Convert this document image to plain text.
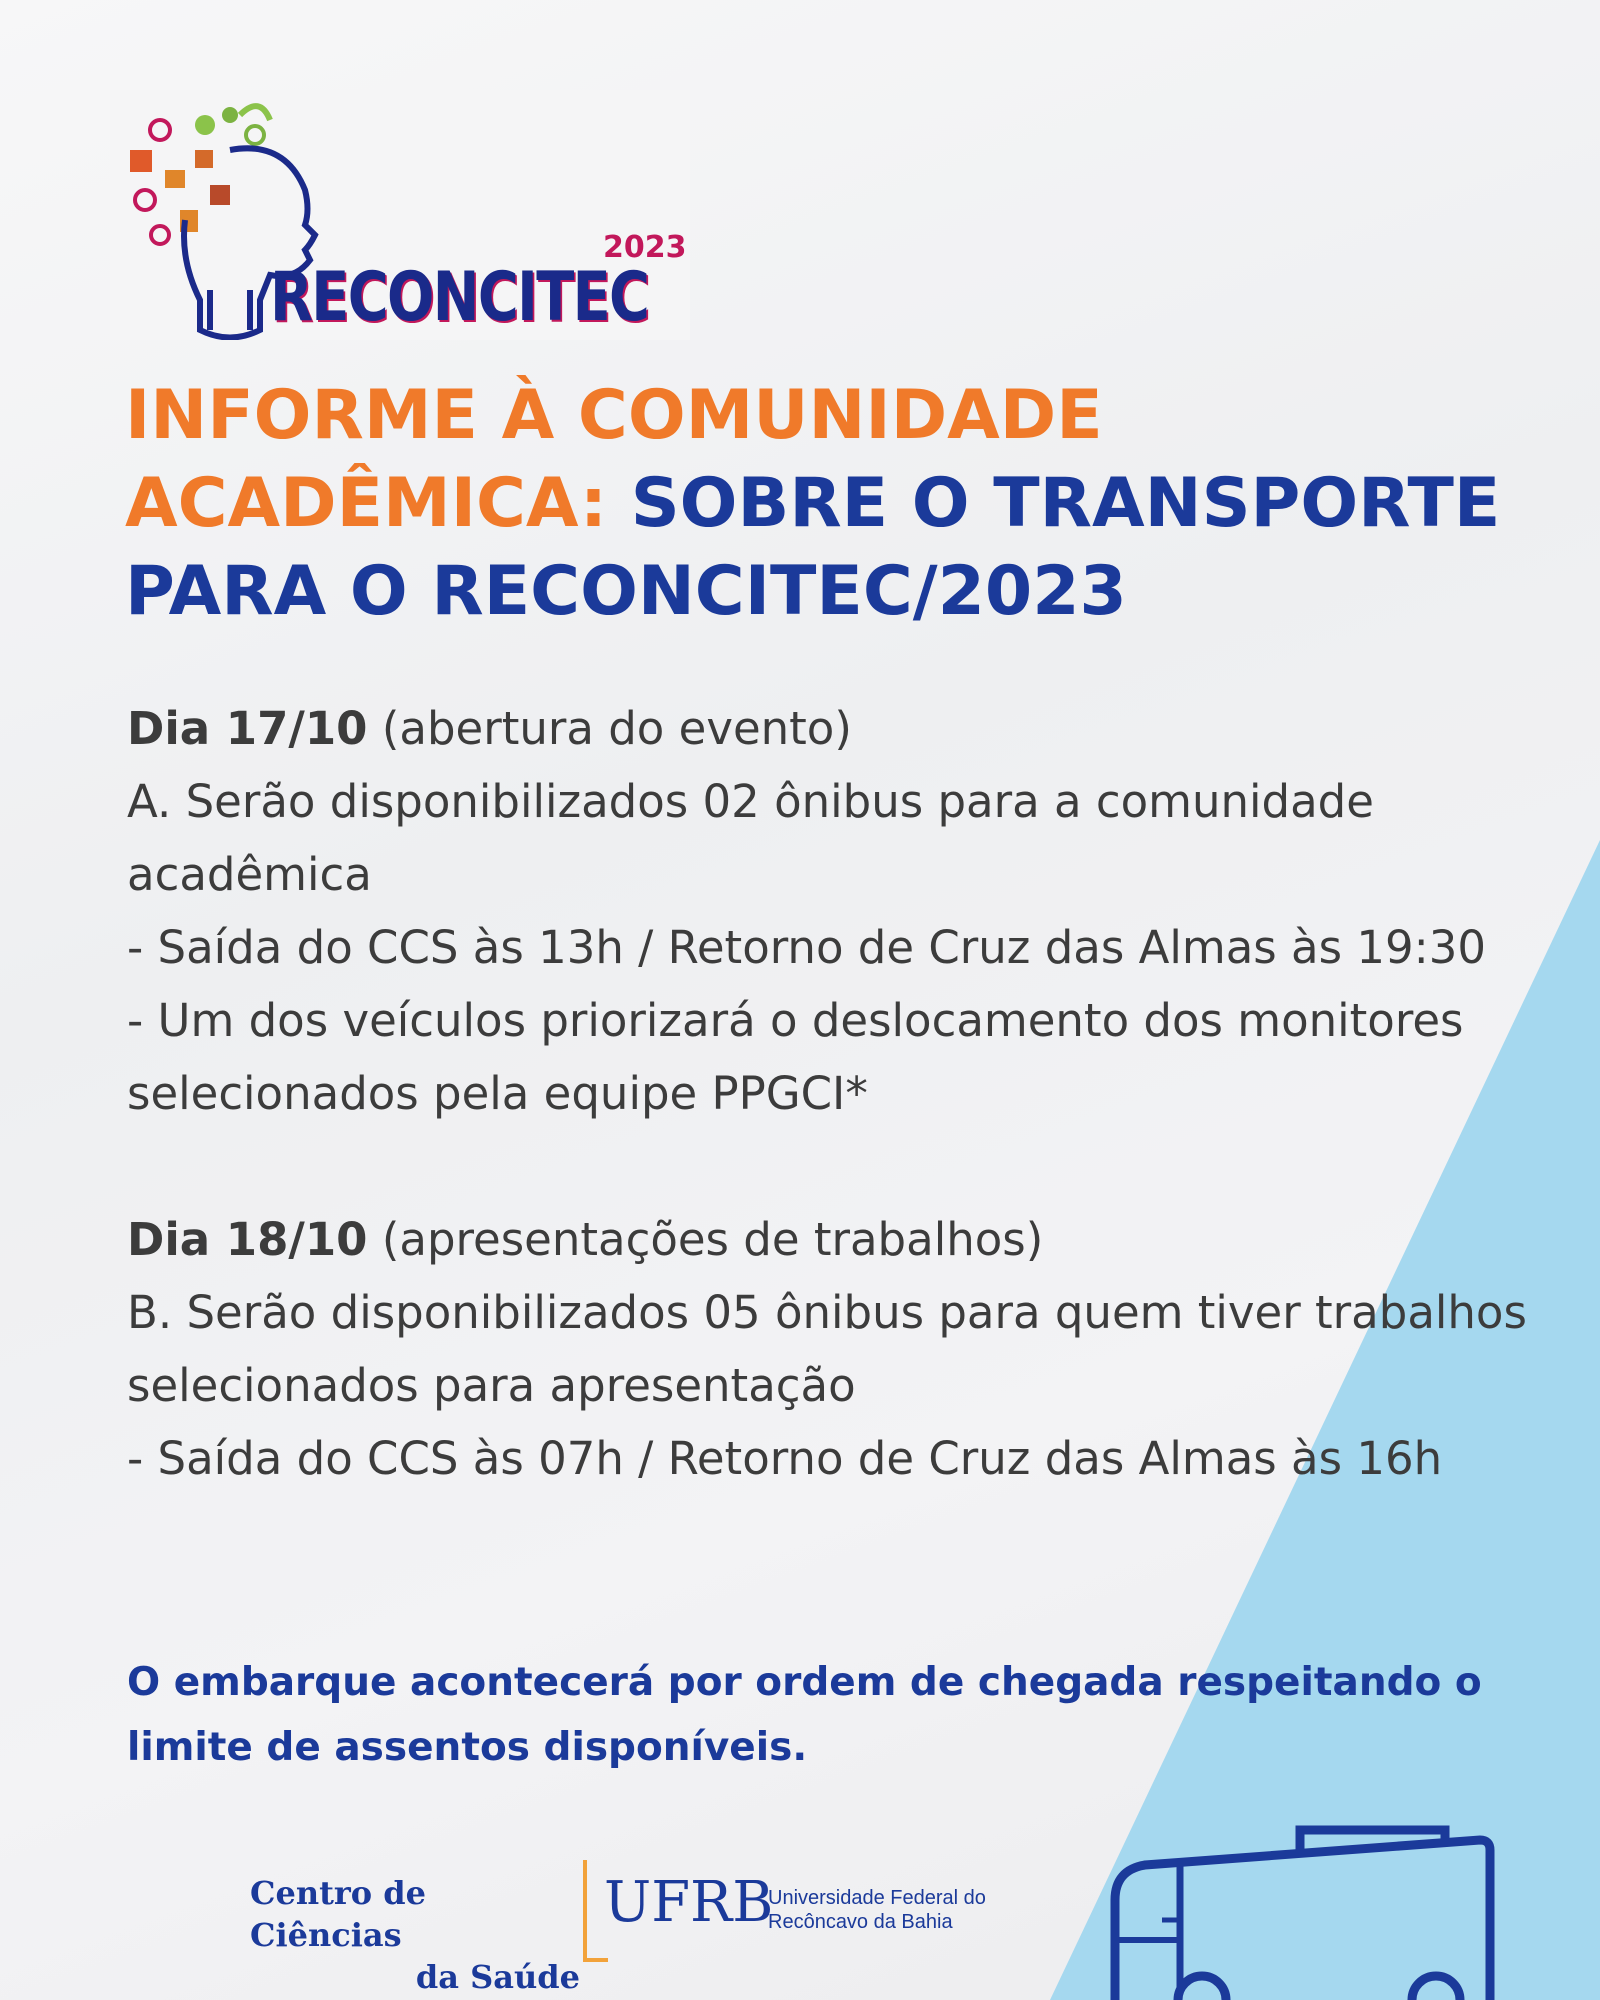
2023
RECONCITEC
INFORME À COMUNIDADE ACADÊMICA: SOBRE O TRANSPORTE PARA O RECONCITEC/2023

Dia 17/10 (abertura do evento)

A. Serão disponibilizados 02 ônibus para a comunidade acadêmica

- Saída do CCS às 13h / Retorno de Cruz das Almas às 19:30

- Um dos veículos priorizará o deslocamento dos monitores selecionados pela equipe PPGCI*

Dia 18/10 (apresentações de trabalhos)

B. Serão disponibilizados 05 ônibus para quem tiver trabalhos selecionados para apresentação

- Saída do CCS às 07h / Retorno de Cruz das Almas às 16h

O embarque acontecerá por ordem de chegada respeitando o limite de assentos disponíveis.
Centro de Ciências
da Saúde
UFRB
Universidade Federal do
Recôncavo da Bahia
